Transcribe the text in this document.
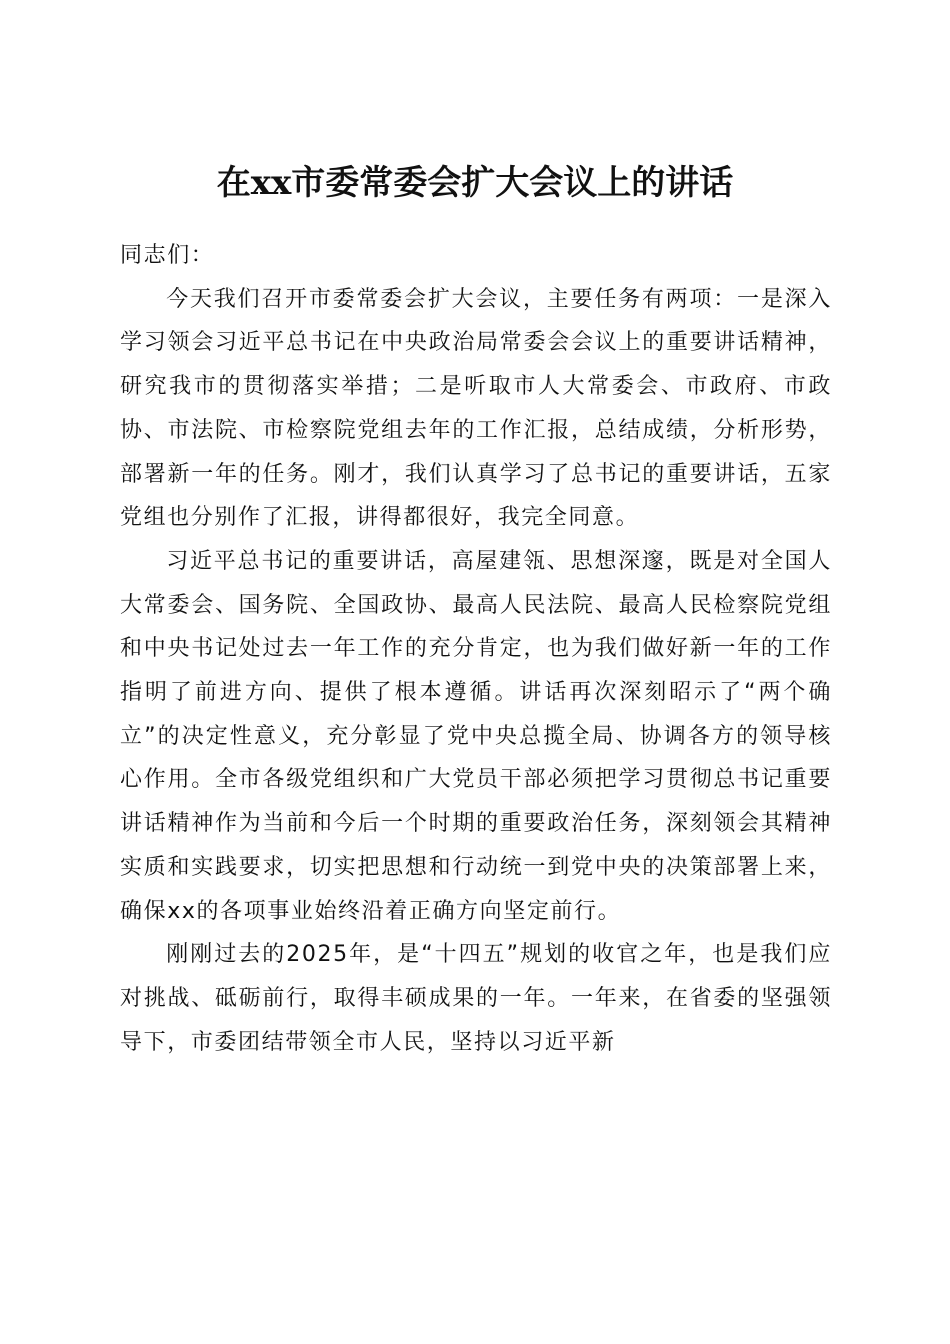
在xx市委常委会扩大会议上的讲话

同志们：

今天我们召开市委常委会扩大会议，主要任务有两项：一是深入学习领会习近平总书记在中央政治局常委会会议上的重要讲话精神，研究我市的贯彻落实举措；二是听取市人大常委会、市政府、市政协、市法院、市检察院党组去年的工作汇报，总结成绩，分析形势，部署新一年的任务。刚才，我们认真学习了总书记的重要讲话，五家党组也分别作了汇报，讲得都很好，我完全同意。

习近平总书记的重要讲话，高屋建瓴、思想深邃，既是对全国人大常委会、国务院、全国政协、最高人民法院、最高人民检察院党组和中央书记处过去一年工作的充分肯定，也为我们做好新一年的工作指明了前进方向、提供了根本遵循。讲话再次深刻昭示了“两个确立”的决定性意义，充分彰显了党中央总揽全局、协调各方的领导核心作用。全市各级党组织和广大党员干部必须把学习贯彻总书记重要讲话精神作为当前和今后一个时期的重要政治任务，深刻领会其精神实质和实践要求，切实把思想和行动统一到党中央的决策部署上来，确保xx的各项事业始终沿着正确方向坚定前行。

刚刚过去的2025年，是“十四五”规划的收官之年，也是我们应对挑战、砥砺前行，取得丰硕成果的一年。一年来，在省委的坚强领导下，市委团结带领全市人民，坚持以习近平新
